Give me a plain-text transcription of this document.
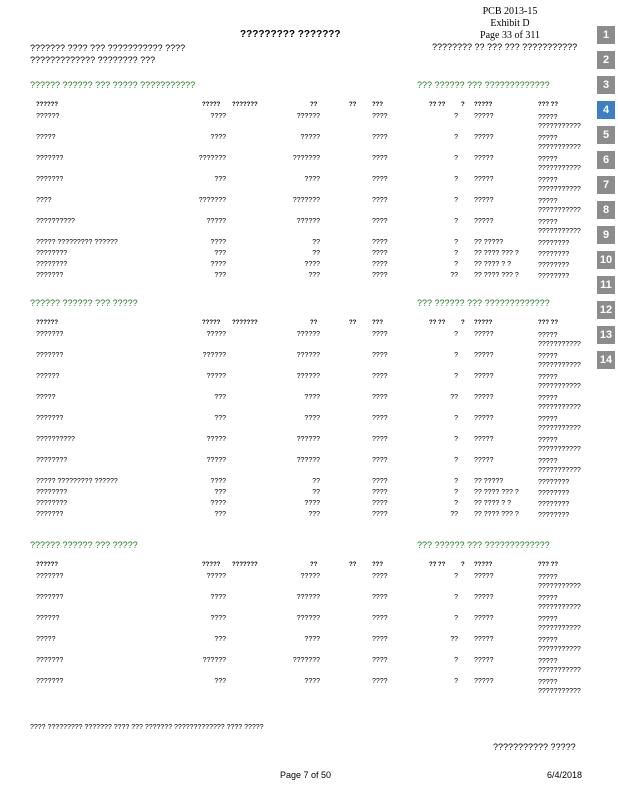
PCB 2013-15
Exhibit D
Page 33 of 311
????????? ???????
??????? ???? ??? ??????????? ????
????????????? ???????? ???
???????? ?? ??? ??? ???????????
?????? ?????? ??? ????? ???????????	??? ?????? ??? ?????????????
??????	????? ???????	??	??	???	?? ??	? ?????	??? ??
??????	????	??????	????	? ?????	????? ???????????
?????	????	?????	????	? ?????	????? ???????????
???????	???????	???????	????	? ?????	????? ???????????
???????	???	????	????	? ?????	????? ???????????
????	???????	???????	????	? ?????	????? ???????????
??????????	?????	??????	????	? ?????	????? ???????????
????? ????????? ??????	????	??	????	? ?? ?????	????????
????????	???	??	????	? ?? ???? ??? ?	????????
????????	????	????	????	? ?? ???? ? ?	????????
???????	???	???	????	?? ?? ???? ??? ?	????????
?????? ?????? ??? ?????	??? ?????? ??? ?????????????
??????	????? ???????	??	??	???	?? ??	? ?????	??? ??
???????	?????	??????	????	? ?????	????? ???????????
???????	??????	??????	????	? ?????	????? ???????????
??????	?????	??????	????	? ?????	????? ???????????
?????	???	????	????	?? ?????	????? ???????????
???????	???	????	????	? ?????	????? ???????????
??????????	?????	??????	????	? ?????	????? ???????????
????????	?????	??????	????	? ?????	????? ???????????
????? ????????? ??????	????	??	????	? ?? ?????	????????
????????	???	??	????	? ?? ???? ??? ?	????????
????????	????	????	????	? ?? ???? ? ?	????????
???????	???	???	????	?? ?? ???? ??? ?	????????
?????? ?????? ??? ?????	??? ?????? ??? ?????????????
??????	????? ???????	??	??	???	?? ??	? ?????	??? ??
???????	?????	?????	????	? ?????	????? ???????????
???????	????	??????	????	? ?????	????? ???????????
??????	????	??????	????	? ?????	????? ???????????
?????	???	????	????	?? ?????	????? ???????????
???????	??????	???????	????	? ?????	????? ???????????
???????	???	????	????	? ?????	????? ???????????
1
2
3
4
5
6
7
8
9
10
11
12
13
14
???? ????????? ??????? ???? ??? ??????? ????????????? ???? ?????
??????????? ?????
Page 7 of 50	6/4/2018
